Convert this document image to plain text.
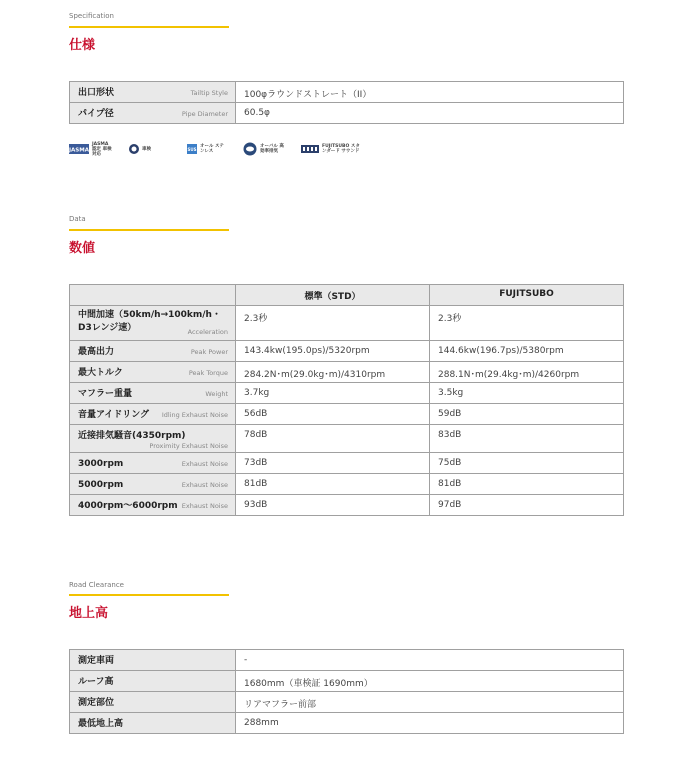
Specification
仕様
出口形状 Tailtip Style	100φラウンドストレート（II）

パイプ径 Pipe Diameter	60.5φ
JASMA
JASMA認定 車検対応
車検	SUS
オール ステンレス
オーバル 高効率排気
FUJITSUBO スタンダード サウンド
Data
数値
	標準（STD）	FUJITSUBO

中間加速（50km/h→100km/h・D3レンジ速） Acceleration	2.3秒	2.3秒

最高出力 Peak Power	143.4kw(195.0ps)/5320rpm	144.6kw(196.7ps)/5380rpm

最大トルク Peak Torque	284.2N･m(29.0kg･m)/4310rpm	288.1N･m(29.4kg･m)/4260rpm

マフラー重量 Weight	3.7kg	3.5kg

音量アイドリング Idling Exhaust Noise	56dB	59dB

近接排気騒音(4350rpm)
Proximity Exhaust Noise	78dB	83dB

3000rpm Exhaust Noise	73dB	75dB

5000rpm Exhaust Noise	81dB	81dB

4000rpm～6000rpm Exhaust Noise	93dB	97dB
Road Clearance
地上高
測定車両	-

ルーフ高	1680mm（車検証 1690mm）

測定部位	リアマフラー前部

最低地上高	288mm
